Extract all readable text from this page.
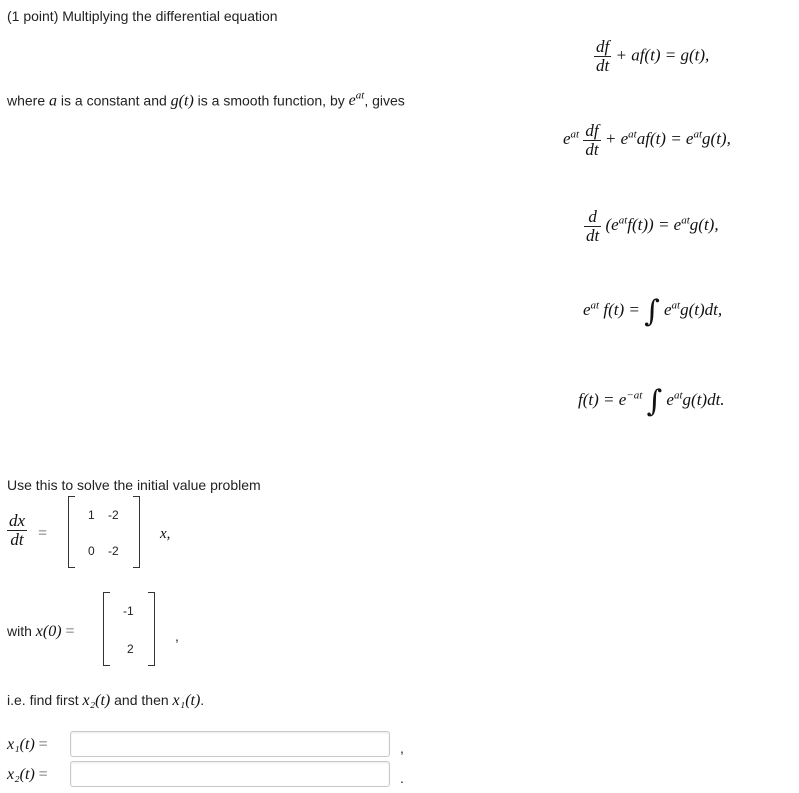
(1 point) Multiplying the differential equation
$\frac{df}{dt} + af(t) = g(t)$,
where a is a constant and g(t) is a smooth function, by $e^{at}$, gives
$e^{at} \frac{df}{dt} + e^{at}af(t) = e^{at}g(t)$,
$\frac{d}{dt} (e^{at}f(t)) = e^{at}g(t)$,
$e^{at}$ f(t) = ∫ $e^{at}g(t)dt$,
$f(t) = e^{-at}$ ∫ $e^{at}g(t)dt$.
Use this to solve the initial value problem
$\frac{dx}{dt}$ =
1 -2
0 -2
x,
with x(0) =
-1
2
,
i.e. find first x₂(t) and then x₁(t).
x₁(t) =	,
x₂(t) =	.
